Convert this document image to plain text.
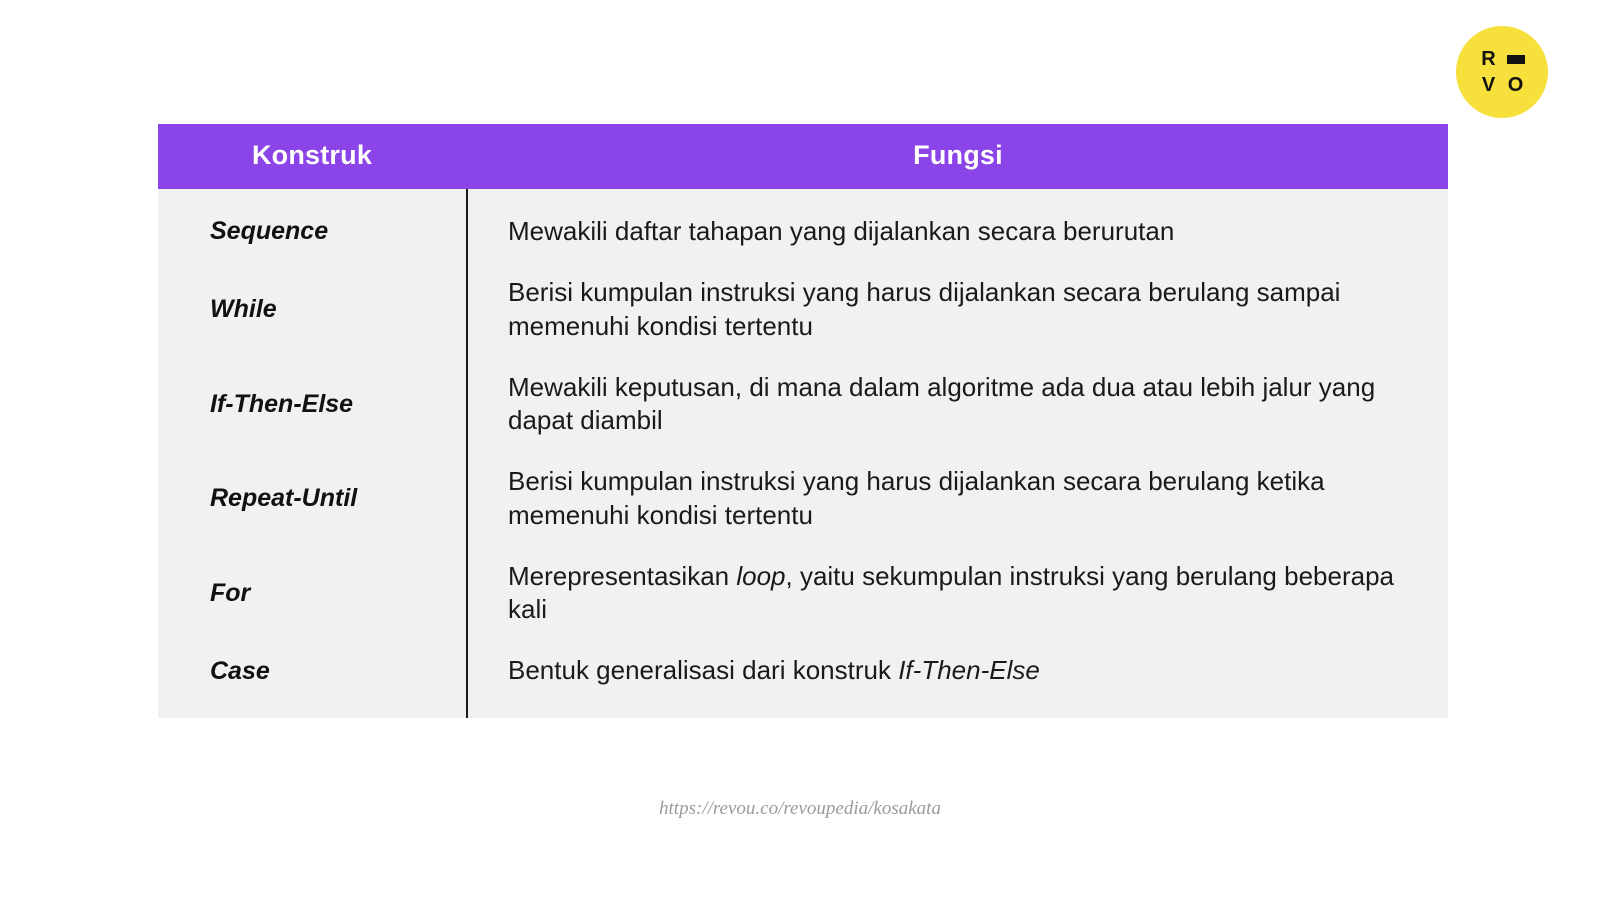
R
V O
Konstruk	Fungsi
Sequence	Mewakili daftar tahapan yang dijalankan secara berurutan
While	Berisi kumpulan instruksi yang harus dijalankan secara berulang sampai memenuhi kondisi tertentu
If-Then-Else	Mewakili keputusan, di mana dalam algoritme ada dua atau lebih jalur yang dapat diambil
Repeat-Until	Berisi kumpulan instruksi yang harus dijalankan secara berulang ketika memenuhi kondisi tertentu
For	Merepresentasikan loop, yaitu sekumpulan instruksi yang berulang beberapa kali
Case	Bentuk generalisasi dari konstruk If-Then-Else
https://revou.co/revoupedia/kosakata
